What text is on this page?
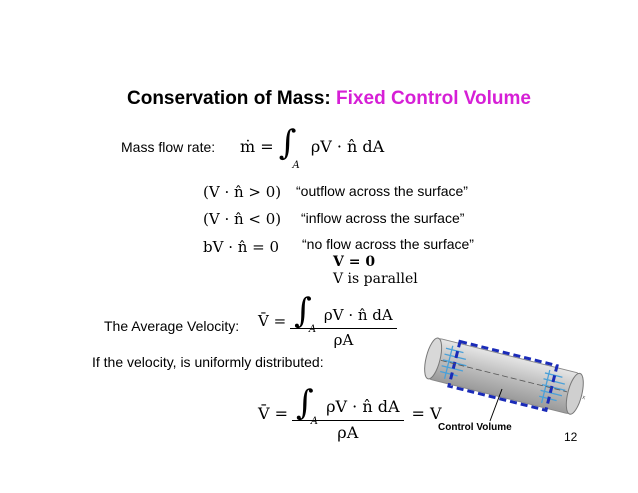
Conservation of Mass: Fixed Control Volume
Mass flow rate: ṁ = $\int_A$ ρV · n̂ dA
(V · n̂ > 0) “outflow across the surface”
(V · n̂ < 0) “inflow across the surface”
bV · n̂ = 0 “no flow across the surface”
V = 0
V is parallel
The Average Velocity: V̄ = $\frac{\int_A \rho V \cdot n̂ dA}{\rho A}$
If the velocity, is uniformly distributed:
V̄ = $\frac{\int_A \rho V \cdot n̂ dA}{\rho A} = V$
x
Control Volume
12
